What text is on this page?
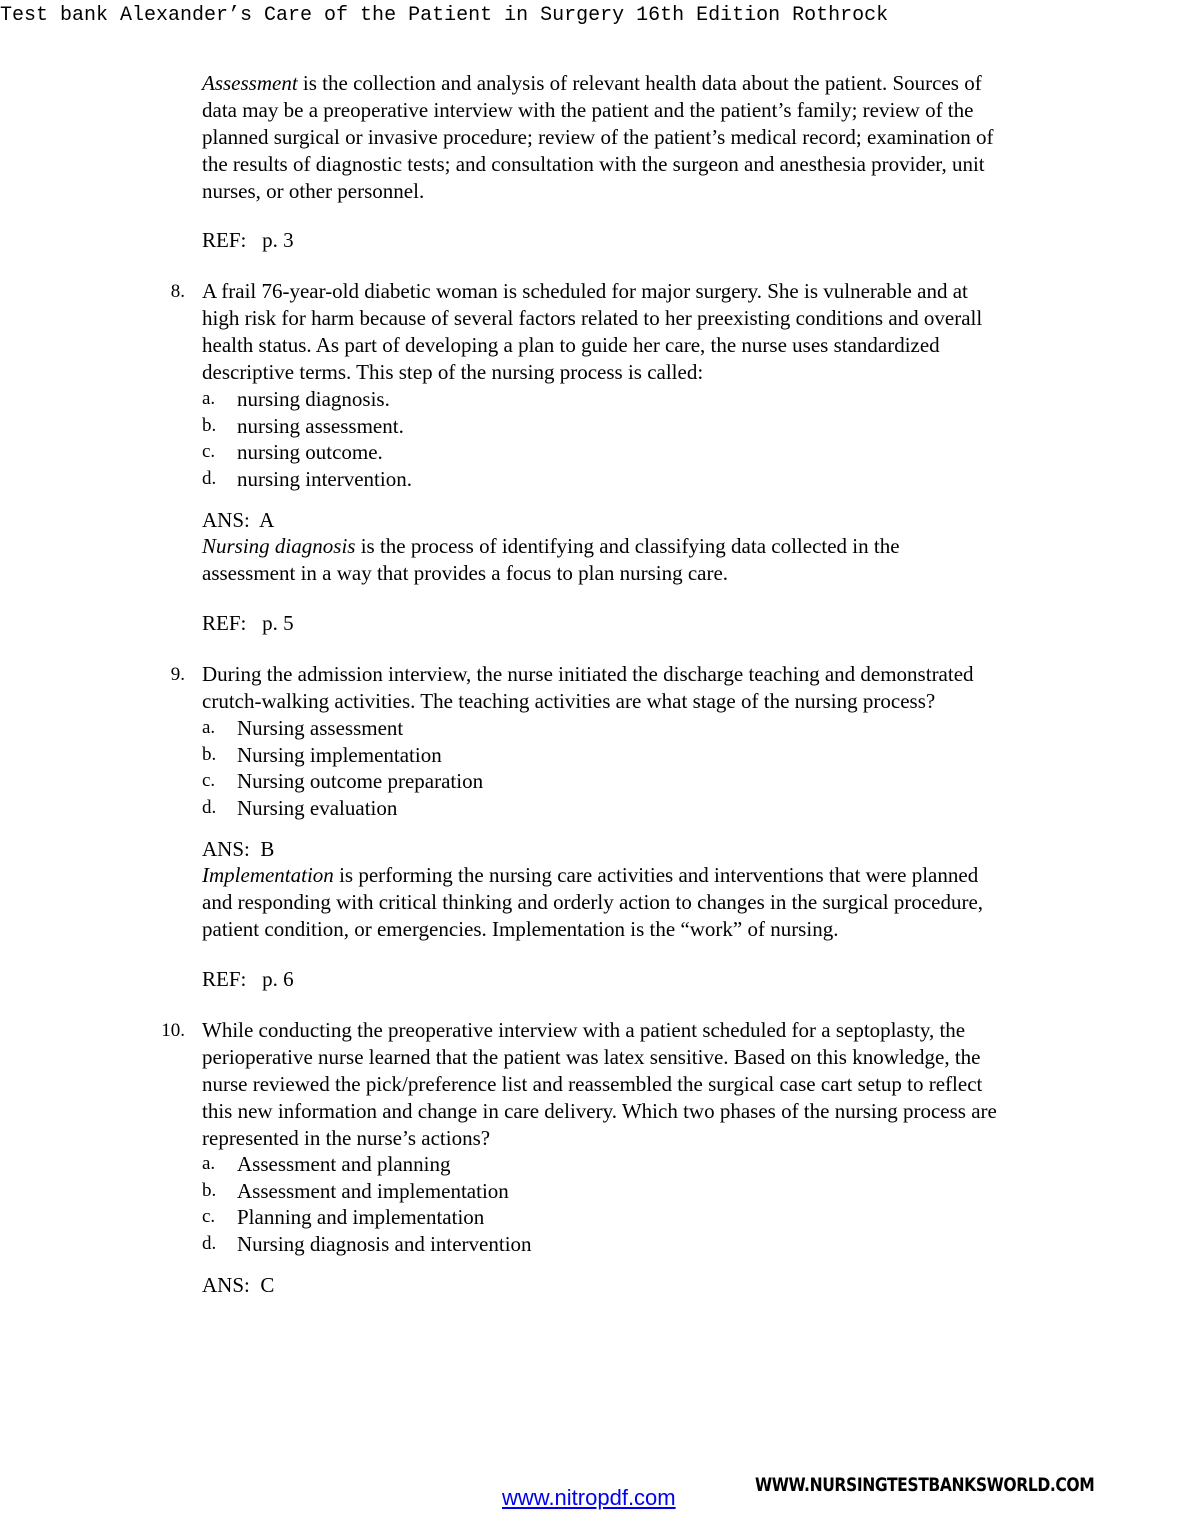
Test bank Alexander’s Care of the Patient in Surgery 16th Edition Rothrock
Assessment is the collection and analysis of relevant health data about the patient. Sources of
data may be a preoperative interview with the patient and the patient’s family; review of the
planned surgical or invasive procedure; review of the patient’s medical record; examination of
the results of diagnostic tests; and consultation with the surgeon and anesthesia provider, unit
nurses, or other personnel.
REF:   p. 3
8. A frail 76-year-old diabetic woman is scheduled for major surgery. She is vulnerable and at
high risk for harm because of several factors related to her preexisting conditions and overall
health status. As part of developing a plan to guide her care, the nurse uses standardized
descriptive terms. This step of the nursing process is called:
a. nursing diagnosis.
b. nursing assessment.
c. nursing outcome.
d. nursing intervention.
ANS:  A
Nursing diagnosis is the process of identifying and classifying data collected in the
assessment in a way that provides a focus to plan nursing care.
REF:   p. 5
9. During the admission interview, the nurse initiated the discharge teaching and demonstrated
crutch-walking activities. The teaching activities are what stage of the nursing process?
a. Nursing assessment
b. Nursing implementation
c. Nursing outcome preparation
d. Nursing evaluation
ANS:  B
Implementation is performing the nursing care activities and interventions that were planned
and responding with critical thinking and orderly action to changes in the surgical procedure,
patient condition, or emergencies. Implementation is the “work” of nursing.
REF:   p. 6
10. While conducting the preoperative interview with a patient scheduled for a septoplasty, the
perioperative nurse learned that the patient was latex sensitive. Based on this knowledge, the
nurse reviewed the pick/preference list and reassembled the surgical case cart setup to reflect
this new information and change in care delivery. Which two phases of the nursing process are
represented in the nurse’s actions?
a. Assessment and planning
b. Assessment and implementation
c. Planning and implementation
d. Nursing diagnosis and intervention
ANS:  C
www.nitropdf.com	WWW.NURSINGTESTBANKSWORLD.COM
